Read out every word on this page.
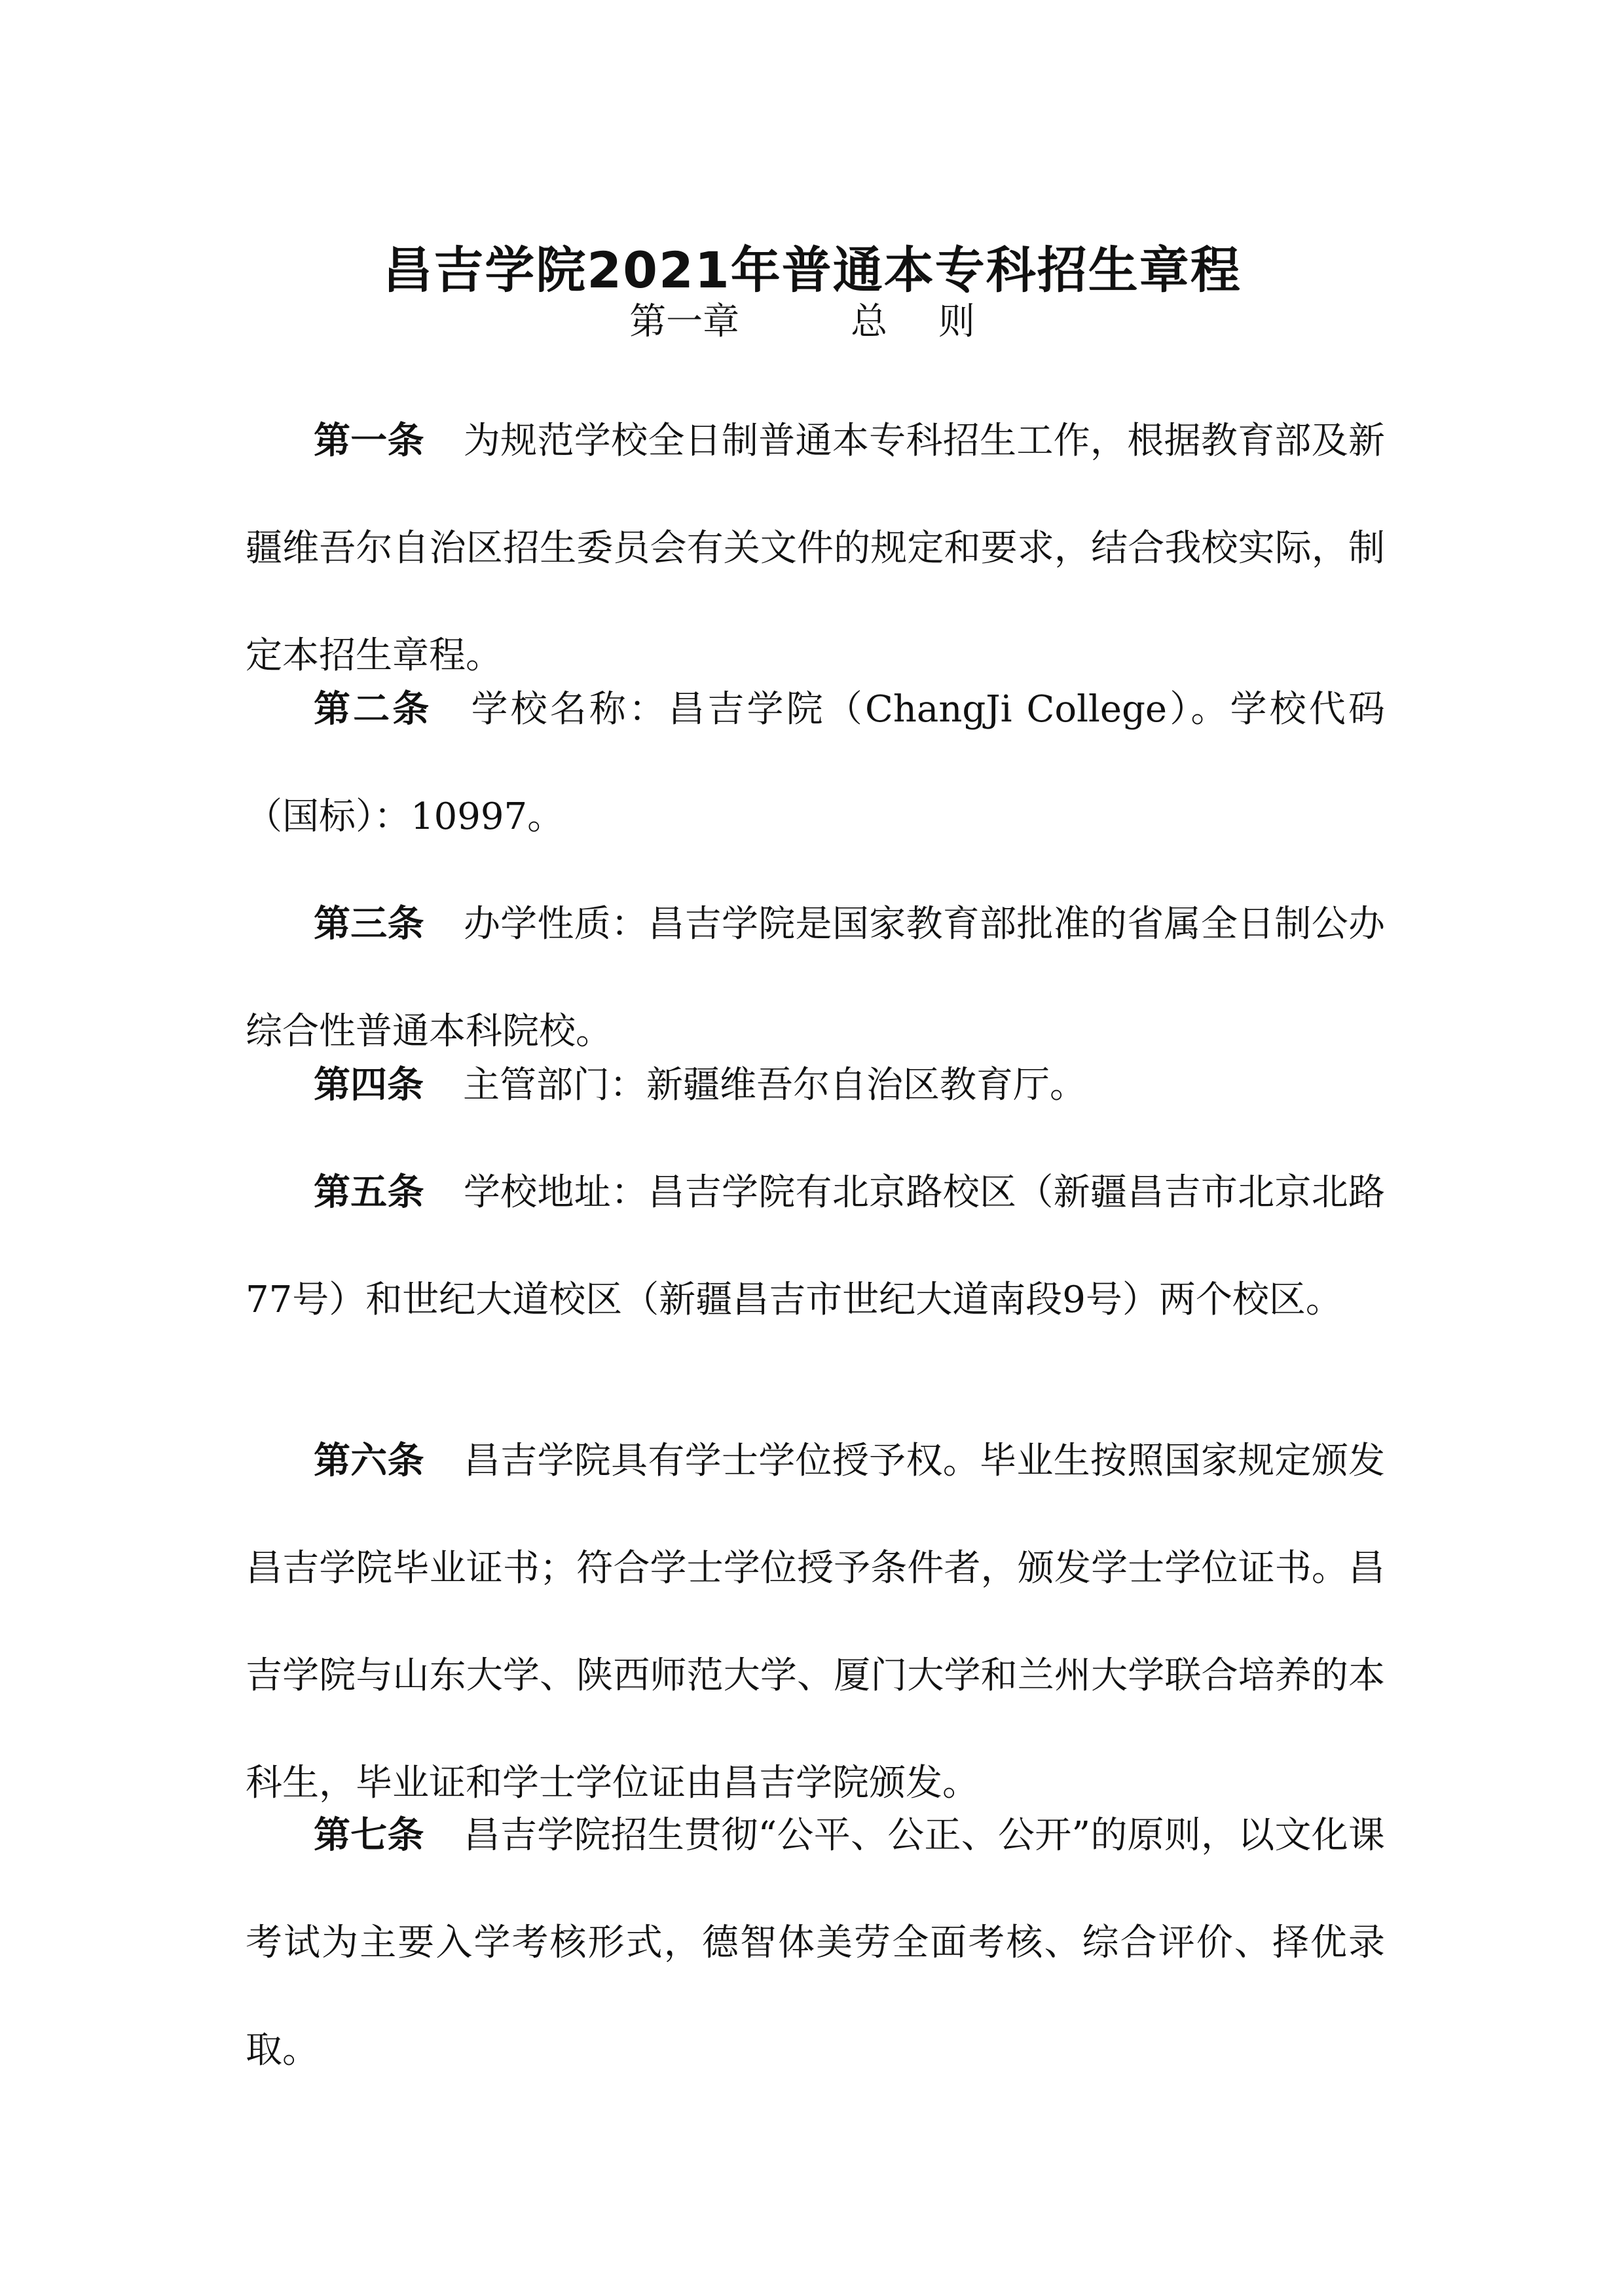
昌吉学院2021年普通本专科招生章程
第一章	总 则

第一条 为规范学校全日制普通本专科招生工作，根据教育部及新疆维吾尔自治区招生委员会有关文件的规定和要求，结合我校实际，制定本招生章程。

第二条 学校名称：昌吉学院（ChangJi College）。学校代码（国标）：10997。

第三条 办学性质：昌吉学院是国家教育部批准的省属全日制公办综合性普通本科院校。

第四条 主管部门：新疆维吾尔自治区教育厅。

第五条 学校地址：昌吉学院有北京路校区（新疆昌吉市北京北路77号）和世纪大道校区（新疆昌吉市世纪大道南段9号）两个校区。

第六条 昌吉学院具有学士学位授予权。毕业生按照国家规定颁发昌吉学院毕业证书；符合学士学位授予条件者，颁发学士学位证书。昌吉学院与山东大学、陕西师范大学、厦门大学和兰州大学联合培养的本科生，毕业证和学士学位证由昌吉学院颁发。

第七条 昌吉学院招生贯彻“公平、公正、公开”的原则，以文化课考试为主要入学考核形式，德智体美劳全面考核、综合评价、择优录取。
